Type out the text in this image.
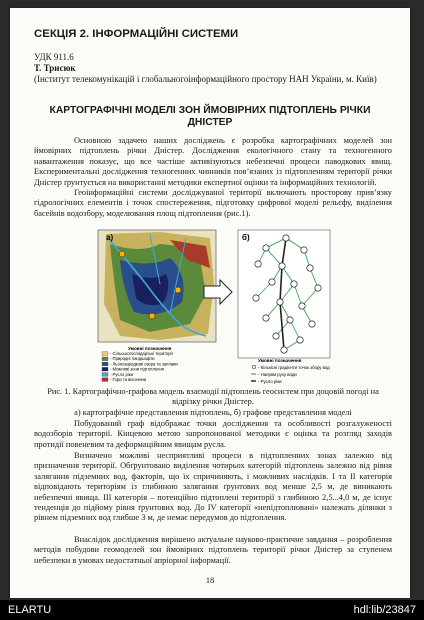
СЕКЦІЯ 2. ІНФОРМАЦІЙНІ СИСТЕМИ
УДК 911.6
Т. Трисюк
(Інститут телекомунікацій і глобальногоінформаційного простору НАН України, м. Київ)
КАРТОГРАФІЧНІ МОДЕЛІ ЗОН ЙМОВІРНИХ ПІДТОПЛЕНЬ РІЧКИ ДНІСТЕР
Основною задачею наших досліджень є розробка картографічних моделей зон ймовірних підтоплень річки Дністер. Дослідження екологічного стану та техногенного навантаження показує, що все частіше активізуються небезпечні процеси паводкових явищ. Експериментальні дослідження техногенних чинників пов’язаних із підтопленням території річки Дністер ґрунтується на використанні методики експертної оцінки та інформаційних технологій.
Геоінформаційні системи досліджуваної території включають просторову прив’язку гідрологічних елементів і точок спостереження, підготовку цифрової моделі рельєфу, виділення басейнів водозбору, моделювання площ підтоплення (рис.1).
а)
Умовні позначення
- Сільськогосподарські території
- Природні ландшафти
- Льонозародкові озера та заплави
- Можливі зони підтоплення
- Русло ріки
- Гори та височини
б)
Умовні позначення
- Кількісні градієнти точок збору вод
- Напрям руху води
- Русло ріки
Рис. 1. Картографічно-графова модель взаємодії підтоплень геосистем при доцовій погоді на відрізку річки Дністер.
а) картографічне представлення підтоплень, б) графове представлення моделі
Побудований граф відображає точки дослідження та особливості розгалуженості водозборів території. Кінцевою метою запропонованої методики є оцінка та розгляд заходів протидії повеневим та деформаційним явищам русла.
Визначено можливі несприятливі процеси в підтопленних зонах залежно від призначення території. Обґрунтовано виділення чотирьох категорій підтоплень залежно від рівня залягання підземних вод, факторів, що їх спричиняють, і можливих наслідків. І та ІІ категорія відповідають територіям із глибиною залягання ґрунтових вод менше 2,5 м, де виникають небезпечні явища. ІІІ категорія – потенційно підтоплені території з глибиною 2,5...4,0 м, де існує тенденція до підйому рівня ґрунтових вод. До IV категорії «непідтоплювані» належать ділянки з рівнем підземних вод глибше 3 м, де немає передумов до підтоплення.
Внаслідок дослідження вирішено актуальне науково-практичне завдання – розроблення методів побудови геомоделей зон ймовірних підтоплень території річки Дністер за ступенем небезпеки в умовах недостатньої апріорної інформації.
18
ELARTU	hdl:lib/23847
